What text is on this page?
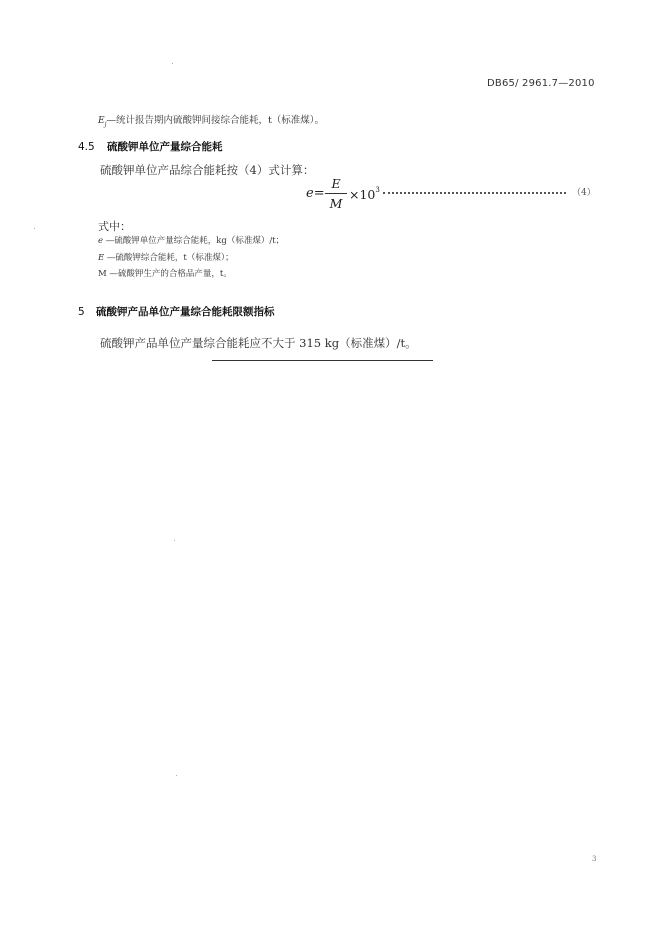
DB65/ 2961.7—2010
$E_j—$统计报告期内硫酸钾间接综合能耗，t（标准煤）。
4.5 硫酸钾单位产量综合能耗
硫酸钾单位产品综合能耗按（4）式计算：
e=
E
M
$\times 10^3$	（4）
式中：
e —硫酸钾单位产量综合能耗，kg（标准煤）/t；
E —硫酸钾综合能耗，t（标准煤）；
M —硫酸钾生产的合格品产量，t。
5 硫酸钾产品单位产量综合能耗限额指标
硫酸钾产品单位产量综合能耗应不大于 315 kg（标准煤）/t。
3
